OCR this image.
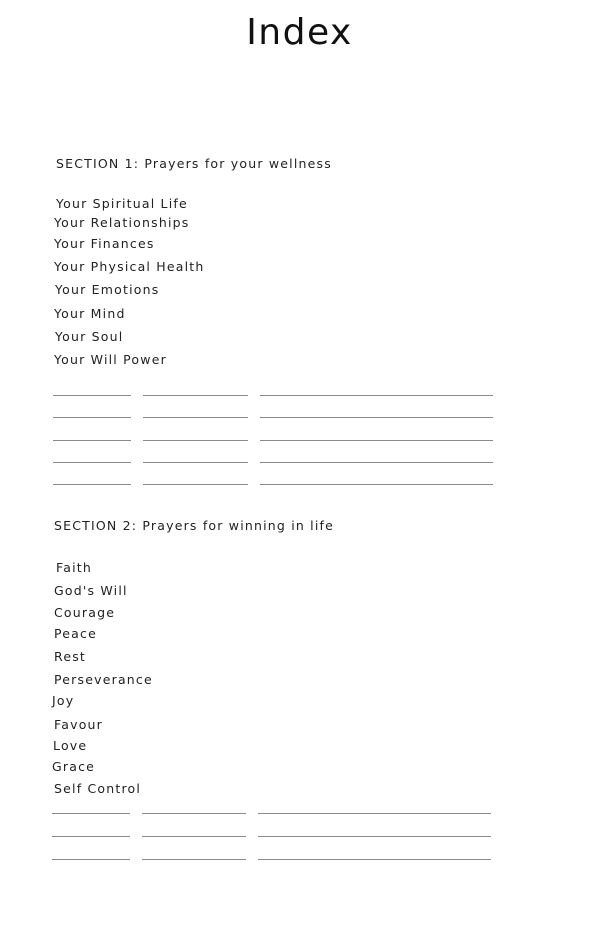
Index
SECTION 1: Prayers for your wellness
Your Spiritual Life
Your Relationships
Your Finances
Your Physical Health
Your Emotions
Your Mind
Your Soul
Your Will Power
SECTION 2: Prayers for winning in life
Faith
God's Will
Courage
Peace
Rest
Perseverance
Joy
Favour
Love
Grace
Self Control
